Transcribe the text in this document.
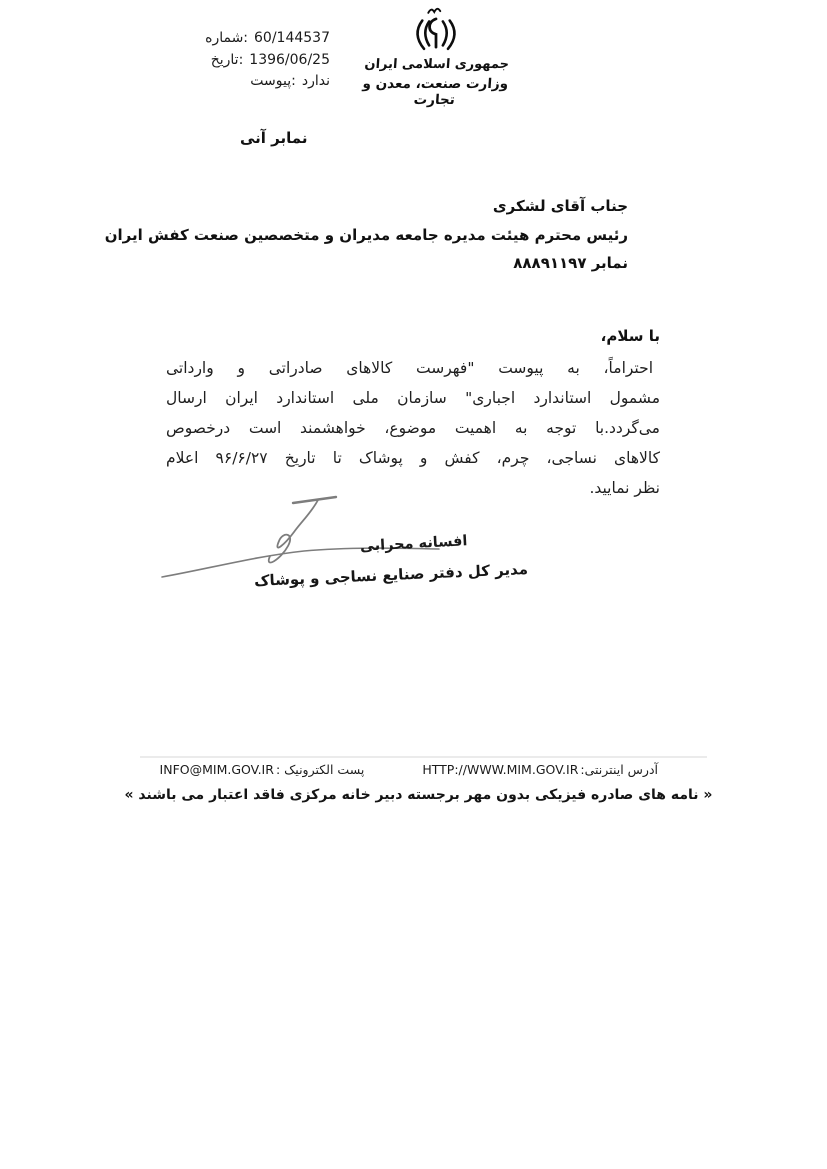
جمهوری اسلامی ایران
وزارت صنعت، معدن و تجارت
شماره: 60/144537
تاریخ: 1396/06/25
پیوست: ندارد
نمابر آنی
جناب آقای لشکری
رئیس محترم هیئت مدیره جامعه مدیران و متخصصین صنعت کفش ایران
نمابر ۸۸۸۹۱۱۹۷
با سلام،
احتراماً، به پیوست "فهرست کالاهای صادراتی و وارداتی
مشمول استاندارد اجباری" سازمان ملی استاندارد ایران ارسال
می‌گردد.با توجه به اهمیت موضوع، خواهشمند است درخصوص
کالاهای نساجی، چرم، کفش و پوشاک تا تاریخ ۹۶/۶/۲۷ اعلام
نظر نمایید.
افسانه محرابی
مدیر کل دفتر صنایع نساجی و پوشاک
آدرس اینترنتی:
HTTP://WWW.MIM.GOV.IR
پست الکترونیک :
INFO@MIM.GOV.IR
« نامه های صادره فیزیکی بدون مهر برجسته دبیر خانه مرکزی فاقد اعتبار می باشند »
